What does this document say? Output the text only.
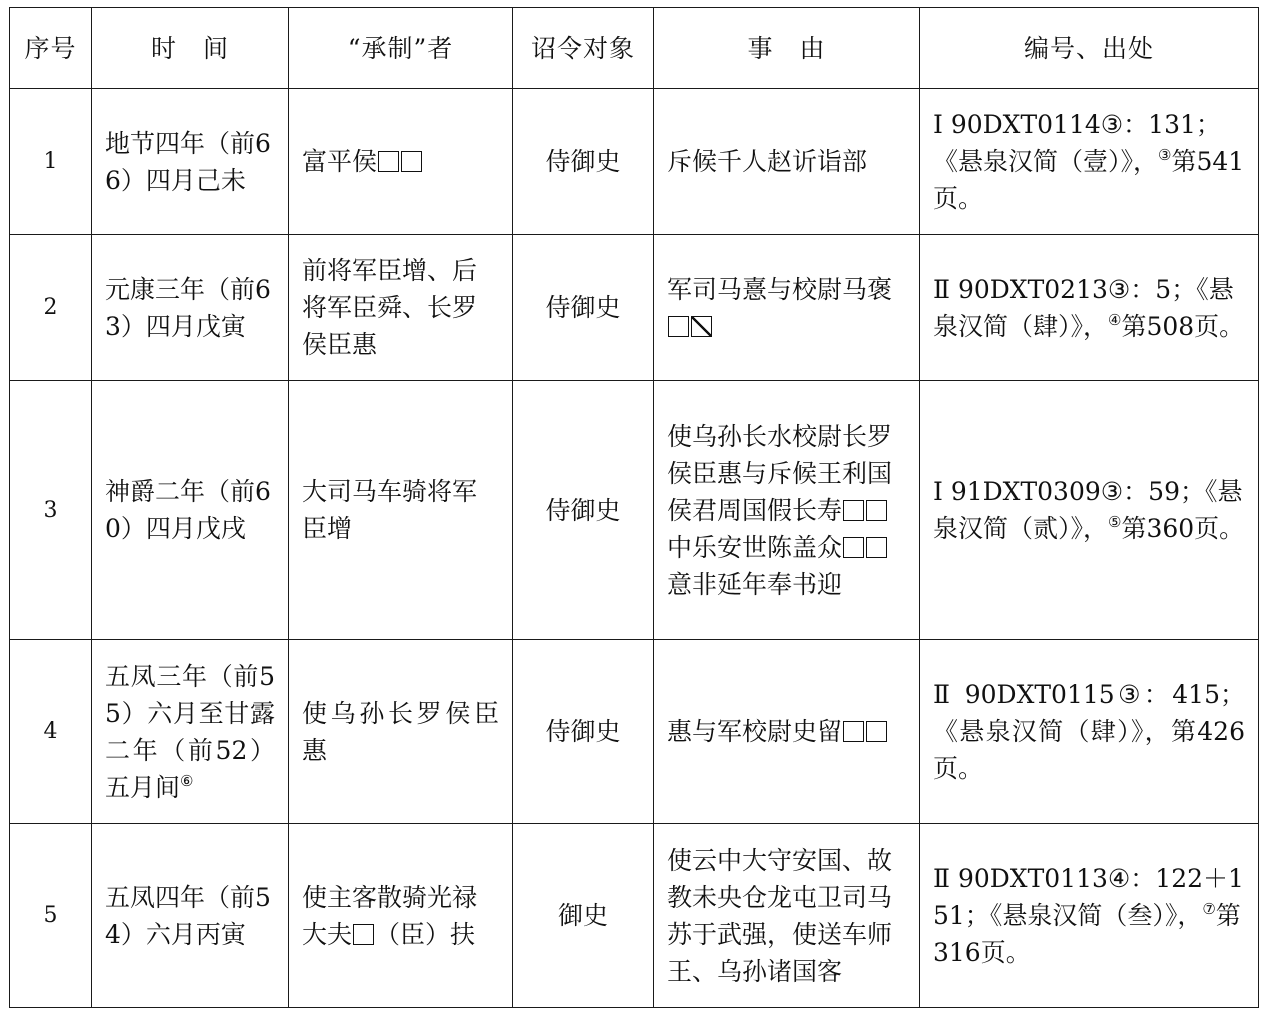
序号	时　间	“承制”者	诏令对象	事　由	编号、出处
1	地节四年（前66）四月己未	富平侯	侍御史	斥候千人赵䜣诣部	Ⅰ 90DXT0114③：131；《悬泉汉简（壹）》，③第541页。
2	元康三年（前63）四月戊寅	前将军臣增、后将军臣舜、长罗侯臣惠	侍御史	军司马憙与校尉马褒	Ⅱ 90DXT0213③：5；《悬泉汉简（肆）》，④第508页。
3	神爵二年（前60）四月戊戌	大司马车骑将军臣增	侍御史	使乌孙长水校尉长罗侯臣惠与斥候王利国侯君周国假长寿中乐安世陈盖众意非延年奉书迎	Ⅰ 91DXT0309③：59；《悬泉汉简（贰）》，⑤第360页。
4	五凤三年（前55）六月至甘露二年（前52）五月间⑥	使乌孙长罗侯臣惠	侍御史	惠与军校尉史留	Ⅱ 90DXT0115③：415；《悬泉汉简（肆）》，第426页。
5	五凤四年（前54）六月丙寅	使主客散骑光禄大夫 （臣）扶	御史	使云中大守安国、故教未央仓龙屯卫司马苏于武强，使送车师王、乌孙诸国客	Ⅱ 90DXT0113④：122＋151；《悬泉汉简（叁）》，⑦第316页。
